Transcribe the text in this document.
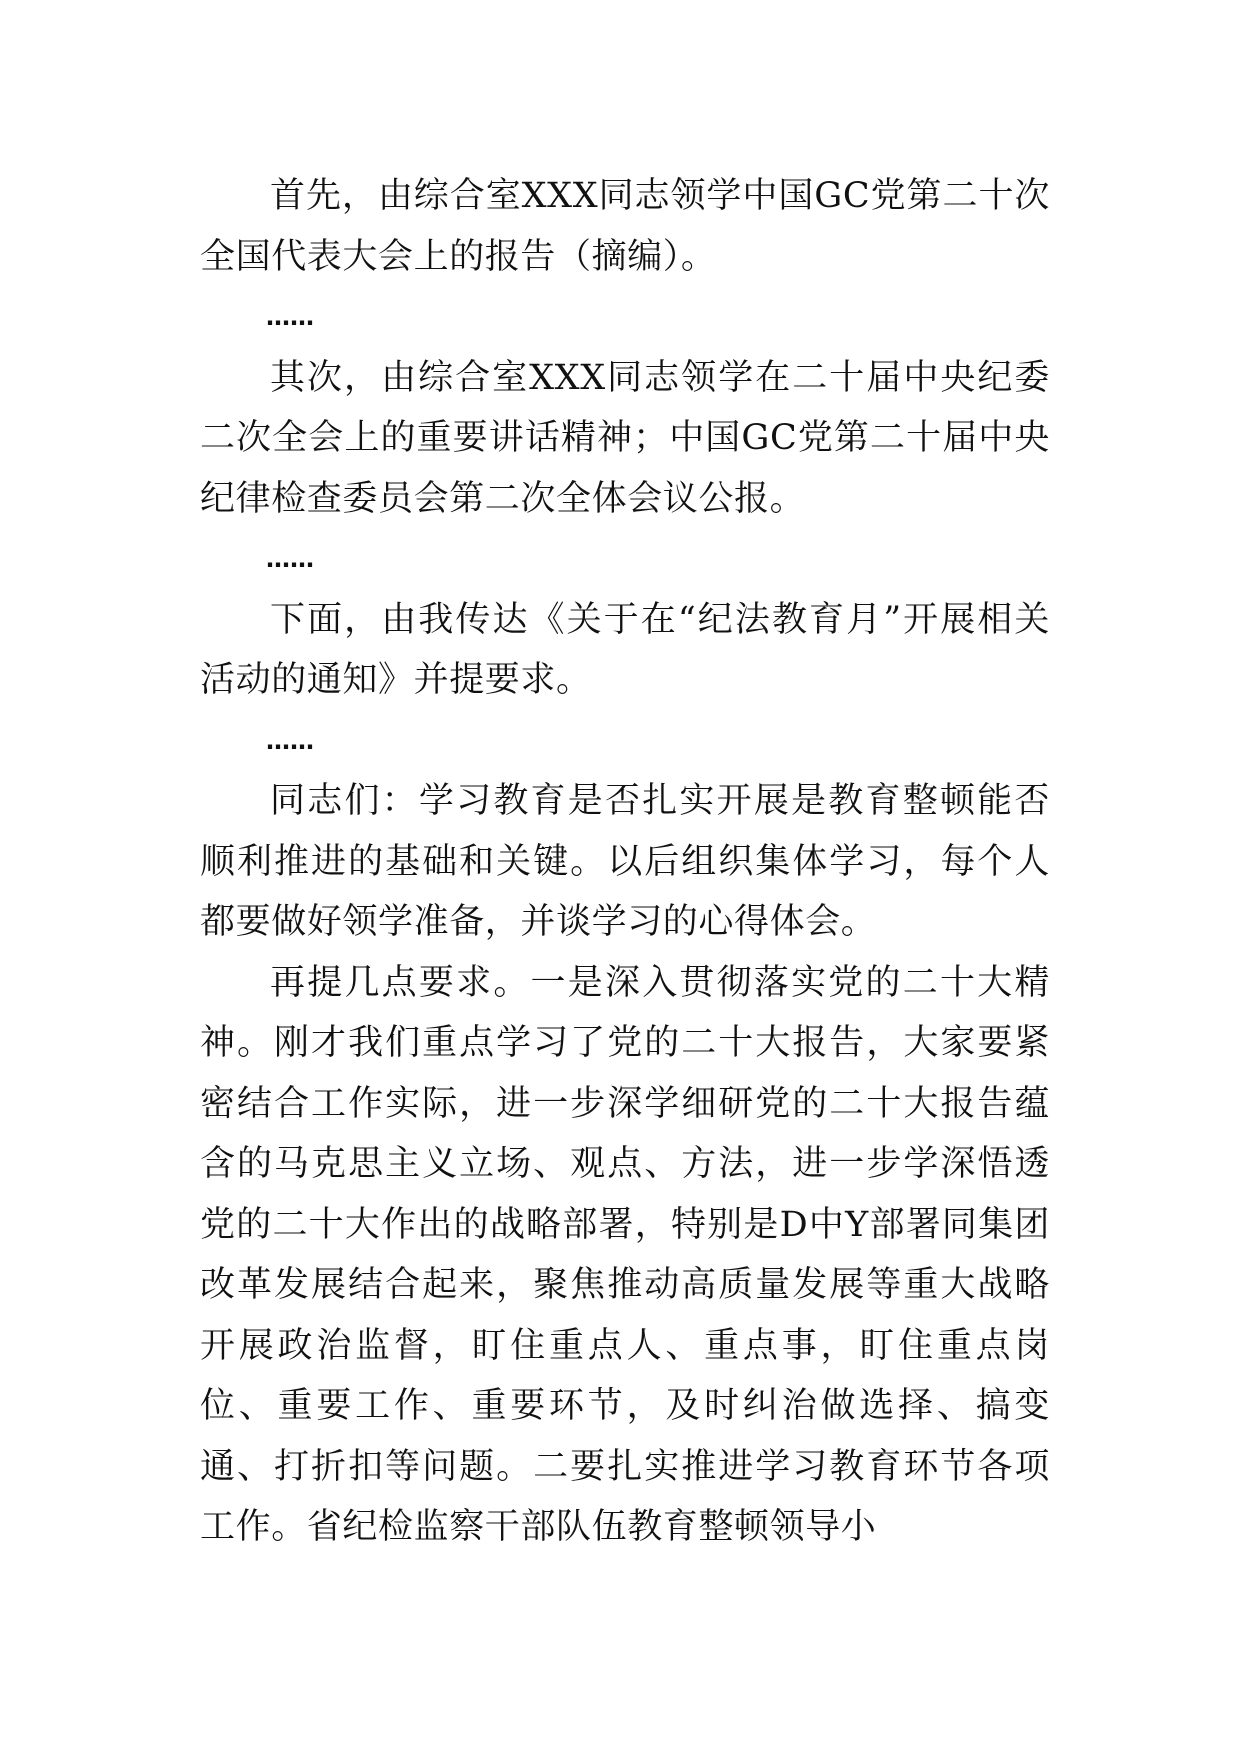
首先，由综合室XXX同志领学中国GC党第二十次全国代表大会上的报告（摘编）。

……

其次，由综合室XXX同志领学在二十届中央纪委二次全会上的重要讲话精神；中国GC党第二十届中央纪律检查委员会第二次全体会议公报。

……

下面，由我传达《关于在“纪法教育月”开展相关活动的通知》并提要求。

……

同志们：学习教育是否扎实开展是教育整顿能否顺利推进的基础和关键。以后组织集体学习，每个人都要做好领学准备，并谈学习的心得体会。

再提几点要求。一是深入贯彻落实党的二十大精神。刚才我们重点学习了党的二十大报告，大家要紧密结合工作实际，进一步深学细研党的二十大报告蕴含的马克思主义立场、观点、方法，进一步学深悟透党的二十大作出的战略部署，特别是D中Y部署同集团改革发展结合起来，聚焦推动高质量发展等重大战略开展政治监督，盯住重点人、重点事，盯住重点岗位、重要工作、重要环节，及时纠治做选择、搞变通、打折扣等问题。二要扎实推进学习教育环节各项工作。省纪检监察干部队伍教育整顿领导小
